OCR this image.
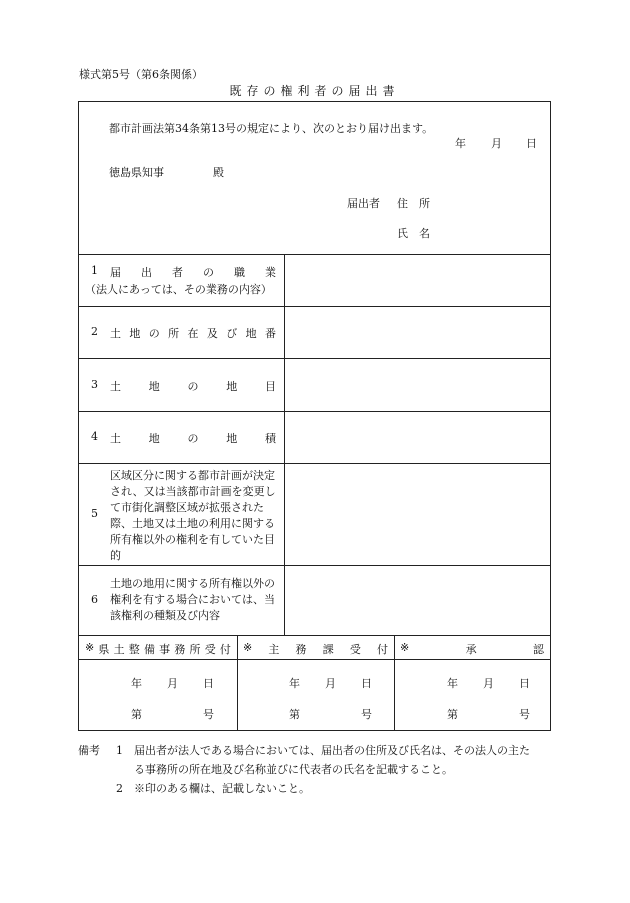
様式第5号（第6条関係）
既存の権利者の届出書
都市計画法第34条第13号の規定により、次のとおり届け出ます。
年 月 日
徳島県知事	殿
届出者 住　所
氏　名
1 届 出 者 の 職 業
（法人にあっては、その業務の内容）
2 土 地 の 所 在 及 び 地 番
3 土	地	の	地	目
4 土	地	の	地	積
5
区域区分に関する都市計画が決定され、又は当該都市計画を変更して市街化調整区域が拡張された際、土地又は土地の利用に関する所有権以外の権利を有していた目的
6
土地の地用に関する所有権以外の権利を有する場合においては、当該権利の種類及び内容
※ 県 土 整 備 事 務 所 受 付 ※ 主 務 課 受 付 ※	承	認
年 月 日
第	号
年 月 日
第	号
年 月 日
第	号
備考	1	届出者が法人である場合においては、届出者の住所及び氏名は、その法人の主た
る事務所の所在地及び名称並びに代表者の氏名を記載すること。
2	※印のある欄は、記載しないこと。
